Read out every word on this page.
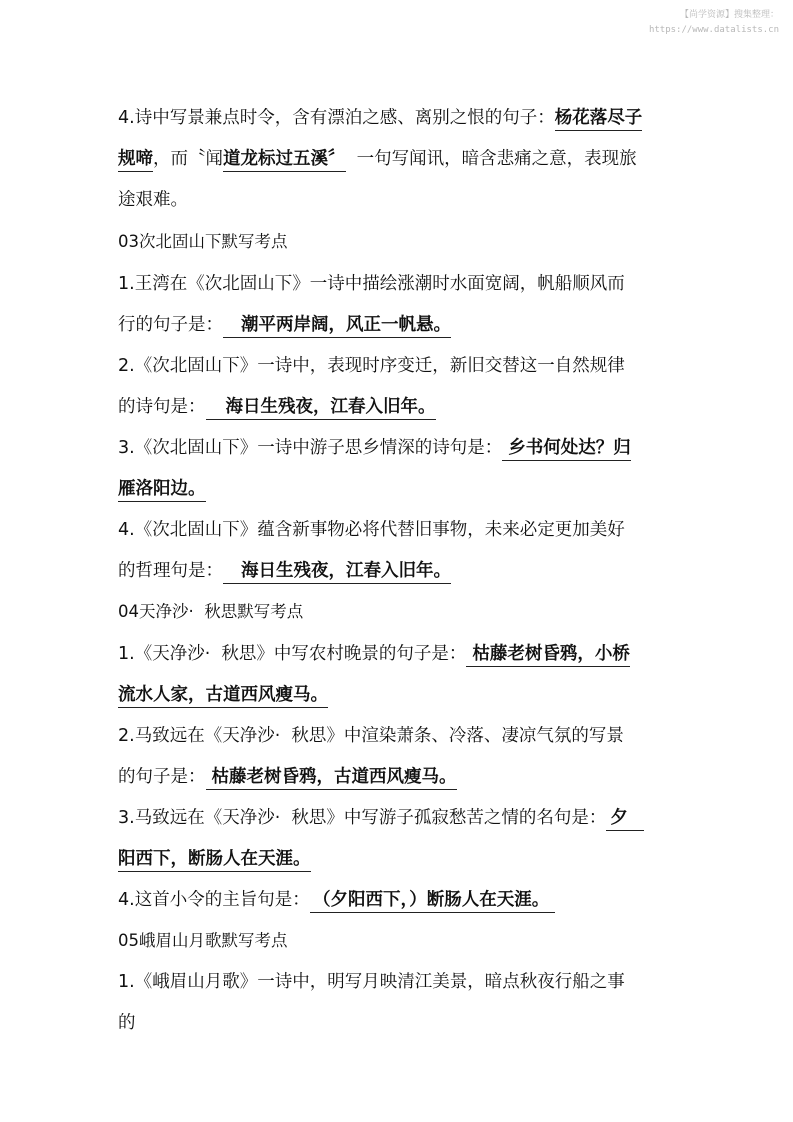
【尚学资源】搜集整理：
https://www.datalists.cn
4.诗中写景兼点时令，含有漂泊之感、离别之恨的句子：杨花落尽子
规啼，而〝闻道龙标过五溪〞  一句写闻讯，暗含悲痛之意，表现旅
途艰难。
03次北固山下默写考点
1.王湾在《次北固山下》一诗中描绘涨潮时水面宽阔，帆船顺风而
行的句子是： 潮平两岸阔，风正一帆悬。
2.《次北固山下》一诗中，表现时序变迁，新旧交替这一自然规律
的诗句是： 海日生残夜，江春入旧年。
3.《次北固山下》一诗中游子思乡情深的诗句是： 乡书何处达？归
雁洛阳边。
4.《次北固山下》蕴含新事物必将代替旧事物，未来必定更加美好
的哲理句是： 海日生残夜，江春入旧年。
04天净沙·  秋思默写考点
1.《天净沙·  秋思》中写农村晚景的句子是： 枯藤老树昏鸦，小桥
流水人家，古道西风瘦马。
2.马致远在《天净沙·  秋思》中渲染萧条、冷落、凄凉气氛的写景
的句子是： 枯藤老树昏鸦，古道西风瘦马。
3.马致远在《天净沙·  秋思》中写游子孤寂愁苦之情的名句是： 夕
阳西下，断肠人在天涯。
4.这首小令的主旨句是： （夕阳西下，）断肠人在天涯。
05峨眉山月歌默写考点
1.《峨眉山月歌》一诗中，明写月映清江美景，暗点秋夜行船之事
的
